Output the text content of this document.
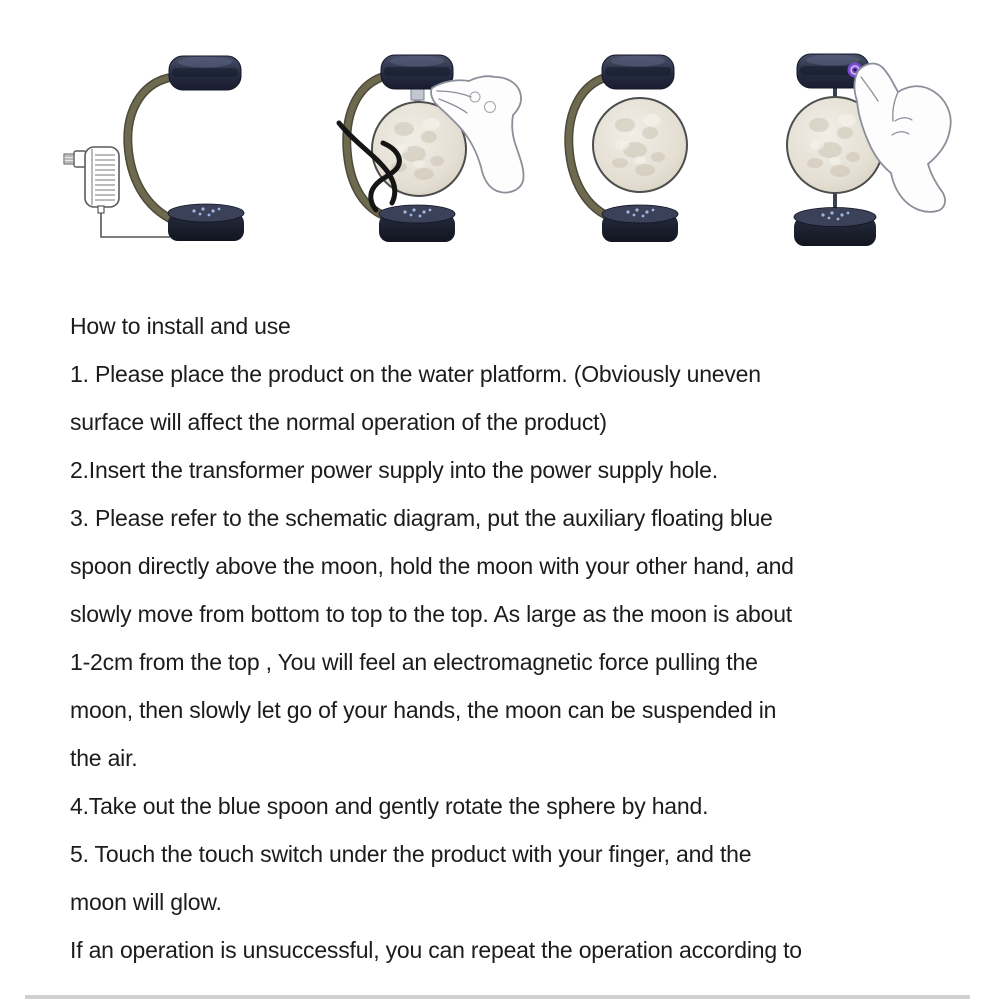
How to install and use
1. Please place the product on the water platform. (Obviously uneven
surface will affect the normal operation of the product)
2.Insert the transformer power supply into the power supply hole.
3. Please refer to the schematic diagram, put the auxiliary floating blue
spoon directly above the moon, hold the moon with your other hand, and
slowly move from bottom to top to the top. As large as the moon is about
1-2cm from the top , You will feel an electromagnetic force pulling the
moon, then slowly let go of your hands, the moon can be suspended in
the air.
4.Take out the blue spoon and gently rotate the sphere by hand.
5. Touch the touch switch under the product with your finger, and the
moon will glow.
If an operation is unsuccessful, you can repeat the operation according to
